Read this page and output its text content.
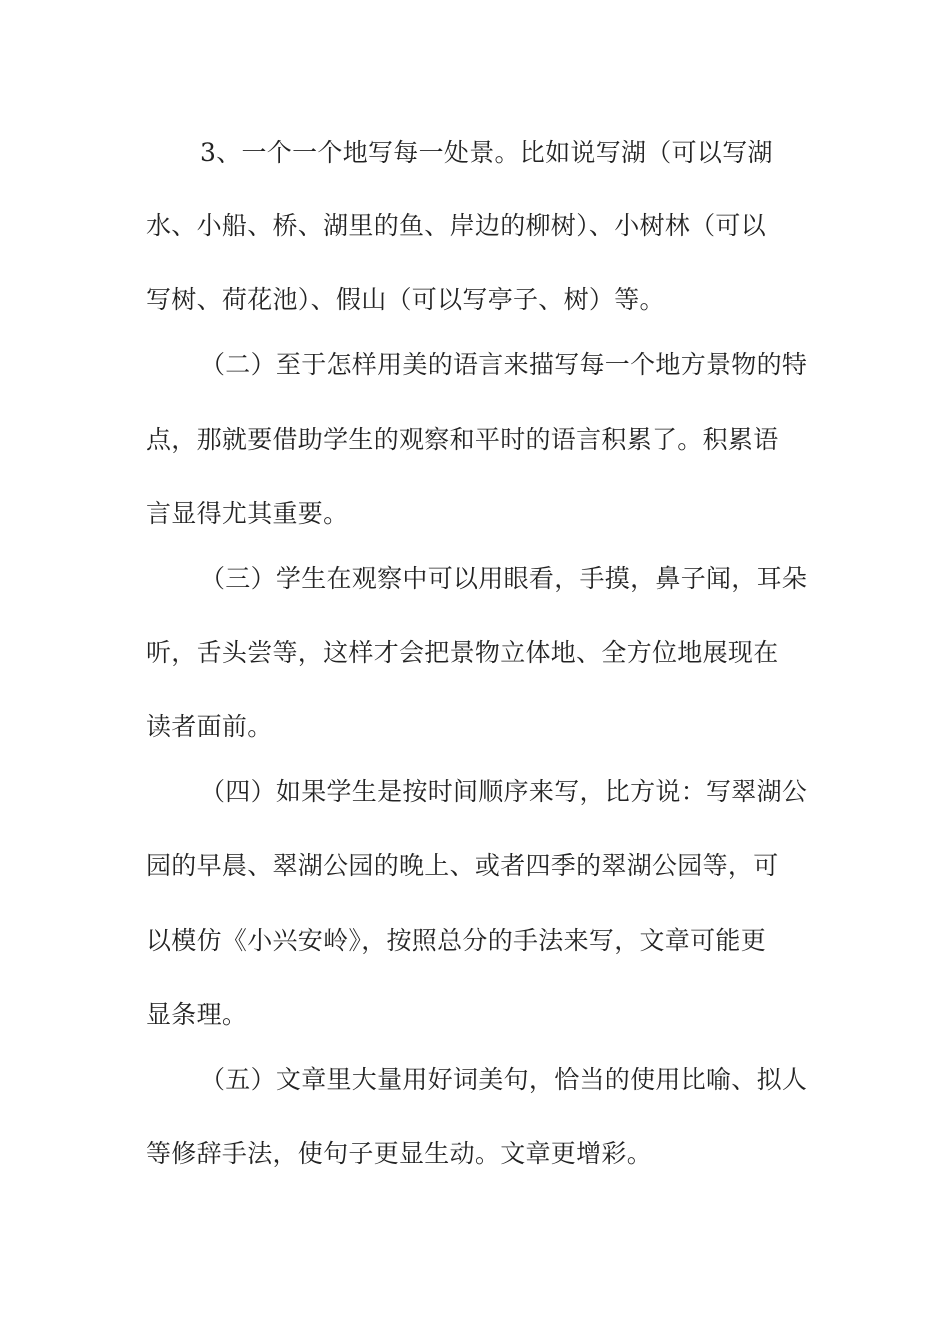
3、一个一个地写每一处景。比如说写湖（可以写湖
水、小船、桥、湖里的鱼、岸边的柳树）、小树林（可以
写树、荷花池）、假山（可以写亭子、树）等。
（二）至于怎样用美的语言来描写每一个地方景物的特
点，那就要借助学生的观察和平时的语言积累了。积累语
言显得尤其重要。
（三）学生在观察中可以用眼看，手摸，鼻子闻，耳朵
听，舌头尝等，这样才会把景物立体地、全方位地展现在
读者面前。
（四）如果学生是按时间顺序来写，比方说：写翠湖公
园的早晨、翠湖公园的晚上、或者四季的翠湖公园等，可
以模仿《小兴安岭》，按照总分的手法来写，文章可能更
显条理。
（五）文章里大量用好词美句，恰当的使用比喻、拟人
等修辞手法，使句子更显生动。文章更增彩。
